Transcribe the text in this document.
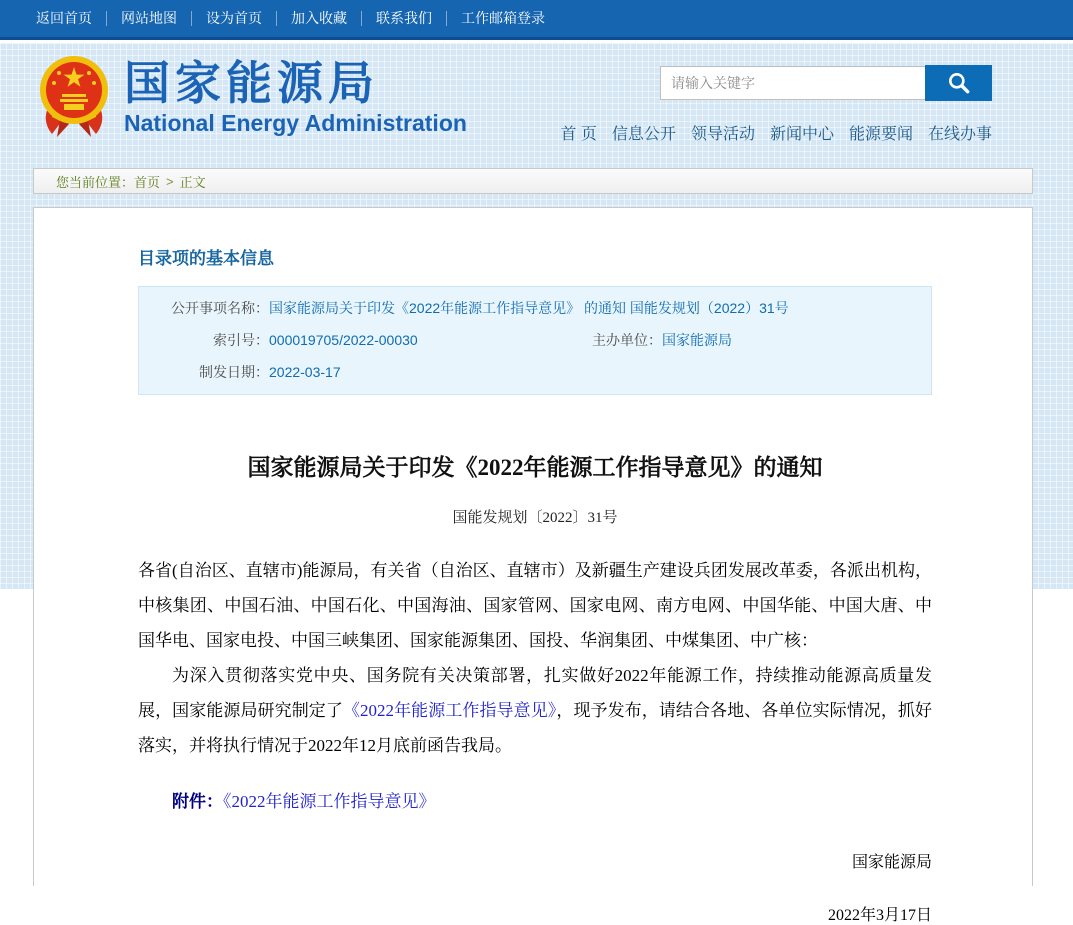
返回首页	网站地图	设为首页	加入收藏	联系我们	工作邮箱登录
国家能源局
National Energy Administration
请输入关键字	首 页 信息公开 领导活动 新闻中心 能源要闻 在线办事
您当前位置： 首页 > 正文
目录项的基本信息
公开事项名称： 国家能源局关于印发《2022年能源工作指导意见》 的通知 国能发规划（2022）31号
索引号： 000019705/2022-00030	主办单位： 国家能源局
制发日期： 2022-03-17
国家能源局关于印发《2022年能源工作指导意见》的通知
国能发规划〔2022〕31号

各省(自治区、直辖市)能源局，有关省（自治区、直辖市）及新疆生产建设兵团发展改革委，各派出机构，中核集团、中国石油、中国石化、中国海油、国家管网、国家电网、南方电网、中国华能、中国大唐、中国华电、国家电投、中国三峡集团、国家能源集团、国投、华润集团、中煤集团、中广核：

为深入贯彻落实党中央、国务院有关决策部署，扎实做好2022年能源工作，持续推动能源高质量发展，国家能源局研究制定了《2022年能源工作指导意见》，现予发布，请结合各地、各单位实际情况，抓好落实，并将执行情况于2022年12月底前函告我局。

附件：《2022年能源工作指导意见》
国家能源局
2022年3月17日
